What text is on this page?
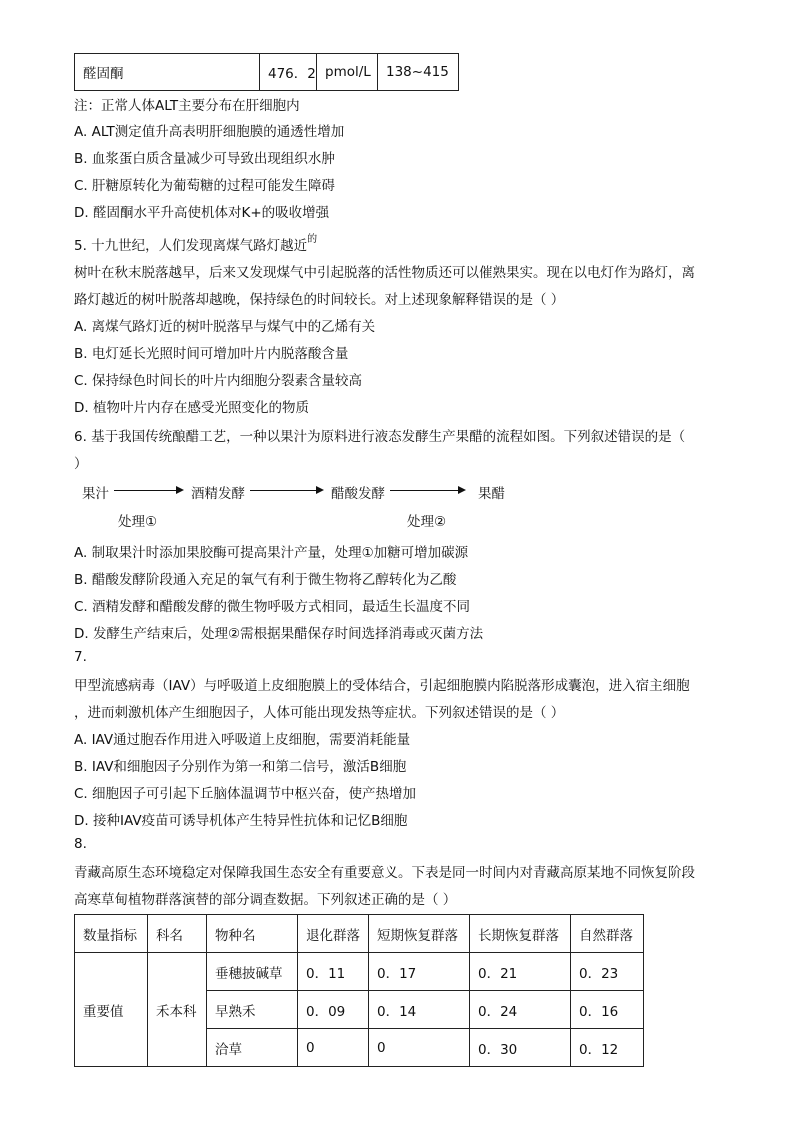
醛固酮	476．2	pmol/L	138~415
注：正常人体ALT主要分布在肝细胞内
A. ALT测定值升高表明肝细胞膜的通透性增加
B. 血浆蛋白质含量减少可导致出现组织水肿
C. 肝糖原转化为葡萄糖的过程可能发生障碍
D. 醛固酮水平升高使机体对K+的吸收增强
5. 十九世纪，人们发现离煤气路灯越近$^的$
树叶在秋末脱落越早，后来又发现煤气中引起脱落的活性物质还可以催熟果实。现在以电灯作为路灯，离
路灯越近的树叶脱落却越晚，保持绿色的时间较长。对上述现象解释错误的是（ ）
A. 离煤气路灯近的树叶脱落早与煤气中的乙烯有关
B. 电灯延长光照时间可增加叶片内脱落酸含量
C. 保持绿色时间长的叶片内细胞分裂素含量较高
D. 植物叶片内存在感受光照变化的物质
6. 基于我国传统酿醋工艺，一种以果汁为原料进行液态发酵生产果醋的流程如图。下列叙述错误的是（
）
果汁	酒精发酵	醋酸发酵	果醋
处理①	处理②
A. 制取果汁时添加果胶酶可提高果汁产量，处理①加糖可增加碳源
B. 醋酸发酵阶段通入充足的氧气有利于微生物将乙醇转化为乙酸
C. 酒精发酵和醋酸发酵的微生物呼吸方式相同，最适生长温度不同
D. 发酵生产结束后，处理②需根据果醋保存时间选择消毒或灭菌方法
7.
甲型流感病毒（IAV）与呼吸道上皮细胞膜上的受体结合，引起细胞膜内陷脱落形成囊泡，进入宿主细胞
，进而刺激机体产生细胞因子，人体可能出现发热等症状。下列叙述错误的是（ ）
A. IAV通过胞吞作用进入呼吸道上皮细胞，需要消耗能量
B. IAV和细胞因子分别作为第一和第二信号，激活B细胞
C. 细胞因子可引起下丘脑体温调节中枢兴奋，使产热增加
D. 接种IAV疫苗可诱导机体产生特异性抗体和记忆B细胞
8.
青藏高原生态环境稳定对保障我国生态安全有重要意义。下表是同一时间内对青藏高原某地不同恢复阶段
高寒草甸植物群落演替的部分调查数据。下列叙述正确的是（ ）
数量指标	科名	物种名	退化群落	短期恢复群落	长期恢复群落	自然群落
重要值	禾本科	垂穗披碱草	0．11	0．17	0．21	0．23
		早熟禾	0．09	0．14	0．24	0．16
		洽草	0	0	0．30	0．12
